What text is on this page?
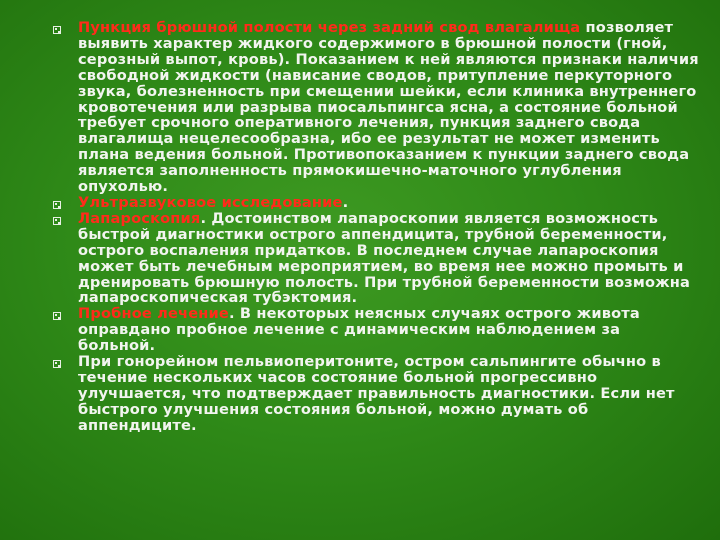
Пункция брюшной полости через задний свод влагалища позволяет выявить характер жидкого содержимого в брюшной полости (гной, серозный выпот, кровь). Показанием к ней являются признаки наличия свободной жидкости (нависание сводов, притупление перкуторного звука, болезненность при смещении шейки, если клиника внутреннего кровотечения или разрыва пиосальпингса ясна, а состояние больной требует срочного оперативного лечения, пункция заднего свода влагалища нецелесообразна, ибо ее результат не может изменить плана ведения больной. Противопоказанием к пункции заднего свода является заполненность прямокишечно-маточного углубления опухолью.

Ультразвуковое исследование.

Лапароскопия. Достоинством лапароскопии является возможность быстрой диагностики острого аппендицита, трубной беременности, острого воспаления придатков. В последнем случае лапароскопия может быть лечебным мероприятием, во время нее можно промыть и дренировать брюшную полость. При трубной беременности возможна лапароскопическая тубэктомия.

Пробное лечение. В некоторых неясных случаях острого живота оправдано пробное лечение с динамическим наблюдением за больной.

При гонорейном пельвиоперитоните, остром сальпингите обычно в течение нескольких часов состояние больной прогрессивно улучшается, что подтверждает правильность диагностики. Если нет быстрого улучшения состояния больной, можно думать об аппендиците.
